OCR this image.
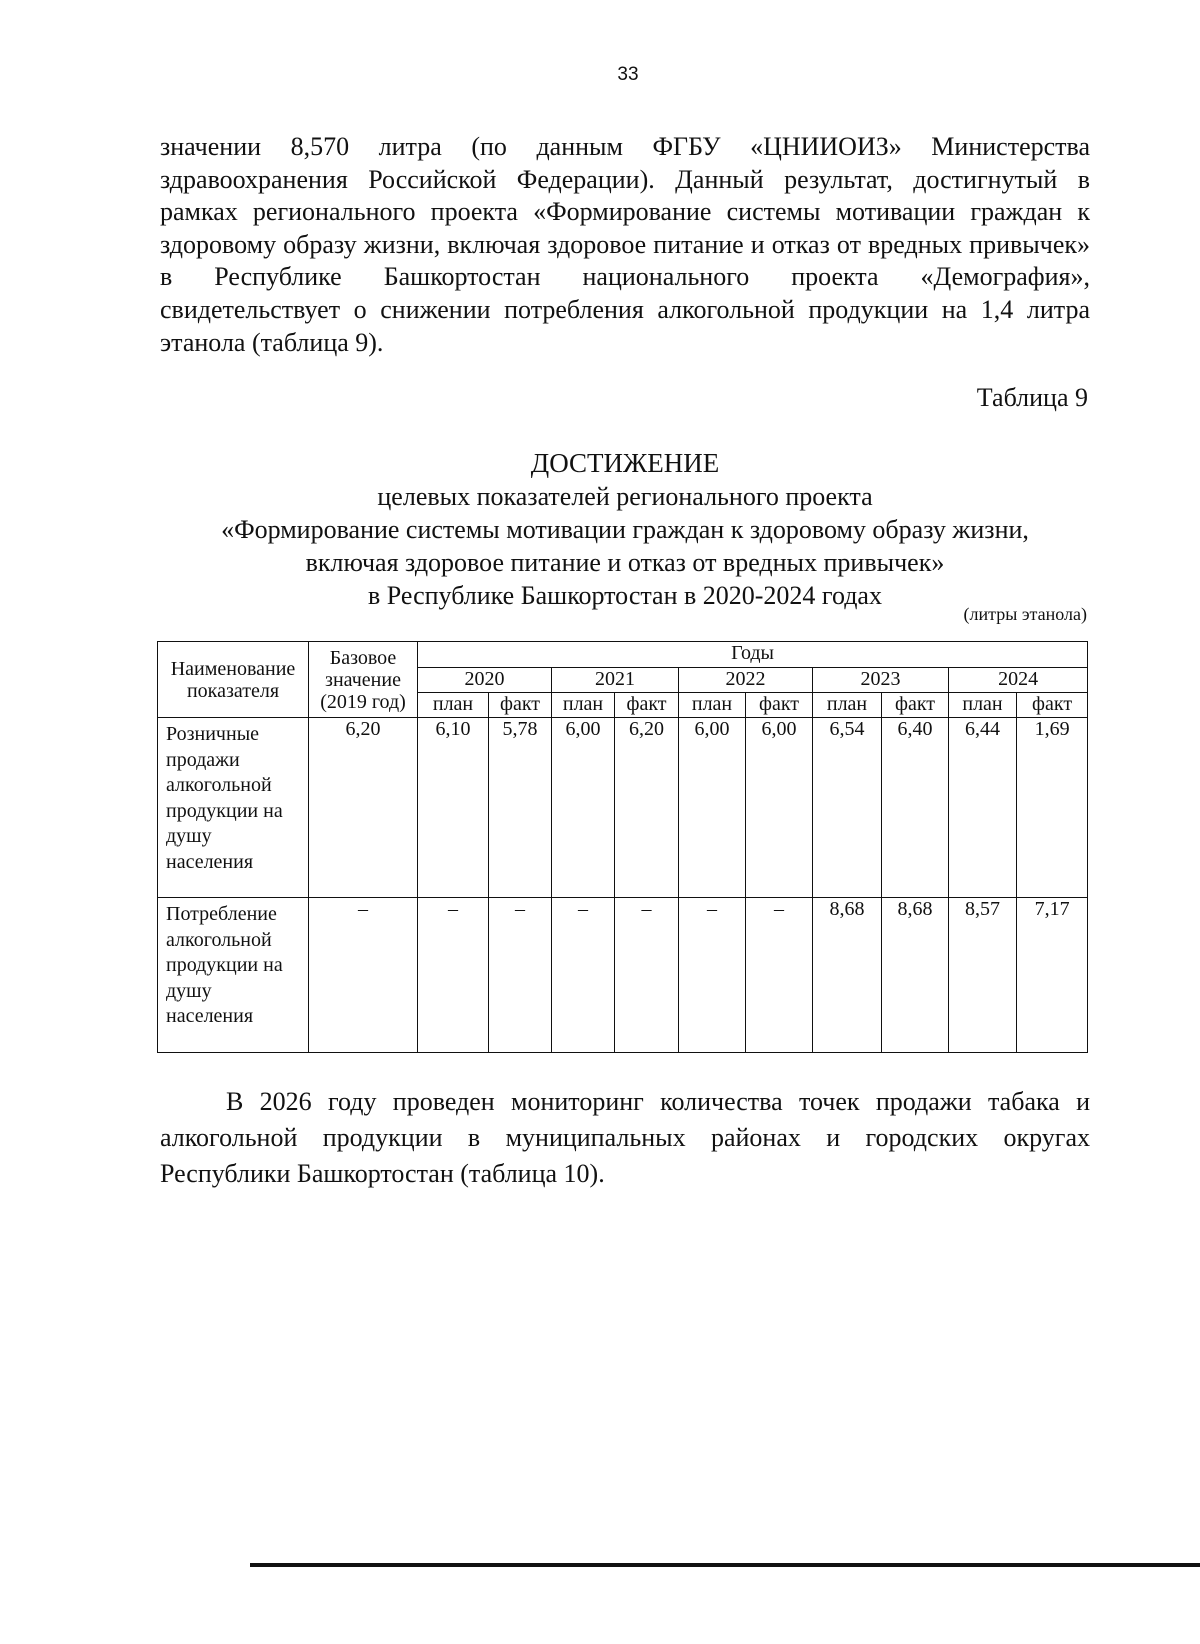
33

значении 8,570 литра (по данным ФГБУ «ЦНИИОИЗ» Министерства здравоохранения Российской Федерации). Данный результат, достигнутый в рамках регионального проекта «Формирование системы мотивации граждан к здоровому образу жизни, включая здоровое питание и отказ от вредных привычек» в Республике Башкортостан национального проекта «Демография», свидетельствует о снижении потребления алкогольной продукции на 1,4 литра этанола (таблица 9).

Таблица 9
ДОСТИЖЕНИЕ
целевых показателей регионального проекта
«Формирование системы мотивации граждан к здоровому образу жизни,
включая здоровое питание и отказ от вредных привычек»
в Республике Башкортостан в 2020-2024 годах
(литры этанола)
Наименование показателя	Базовое значение (2019 год)	Годы									
		2020		2021		2022		2023		2024	
		план	факт	план	факт	план	факт	план	факт	план	факт
Розничные продажи алкогольной продукции на душу населения	6,20	6,10	5,78	6,00	6,20	6,00	6,00	6,54	6,40	6,44	1,69
Потребление алкогольной продукции на душу населения	–	–	–	–	–	–	–	8,68	8,68	8,57	7,17

В 2026 году проведен мониторинг количества точек продажи табака и алкогольной продукции в муниципальных районах и городских округах Республики Башкортостан (таблица 10).
